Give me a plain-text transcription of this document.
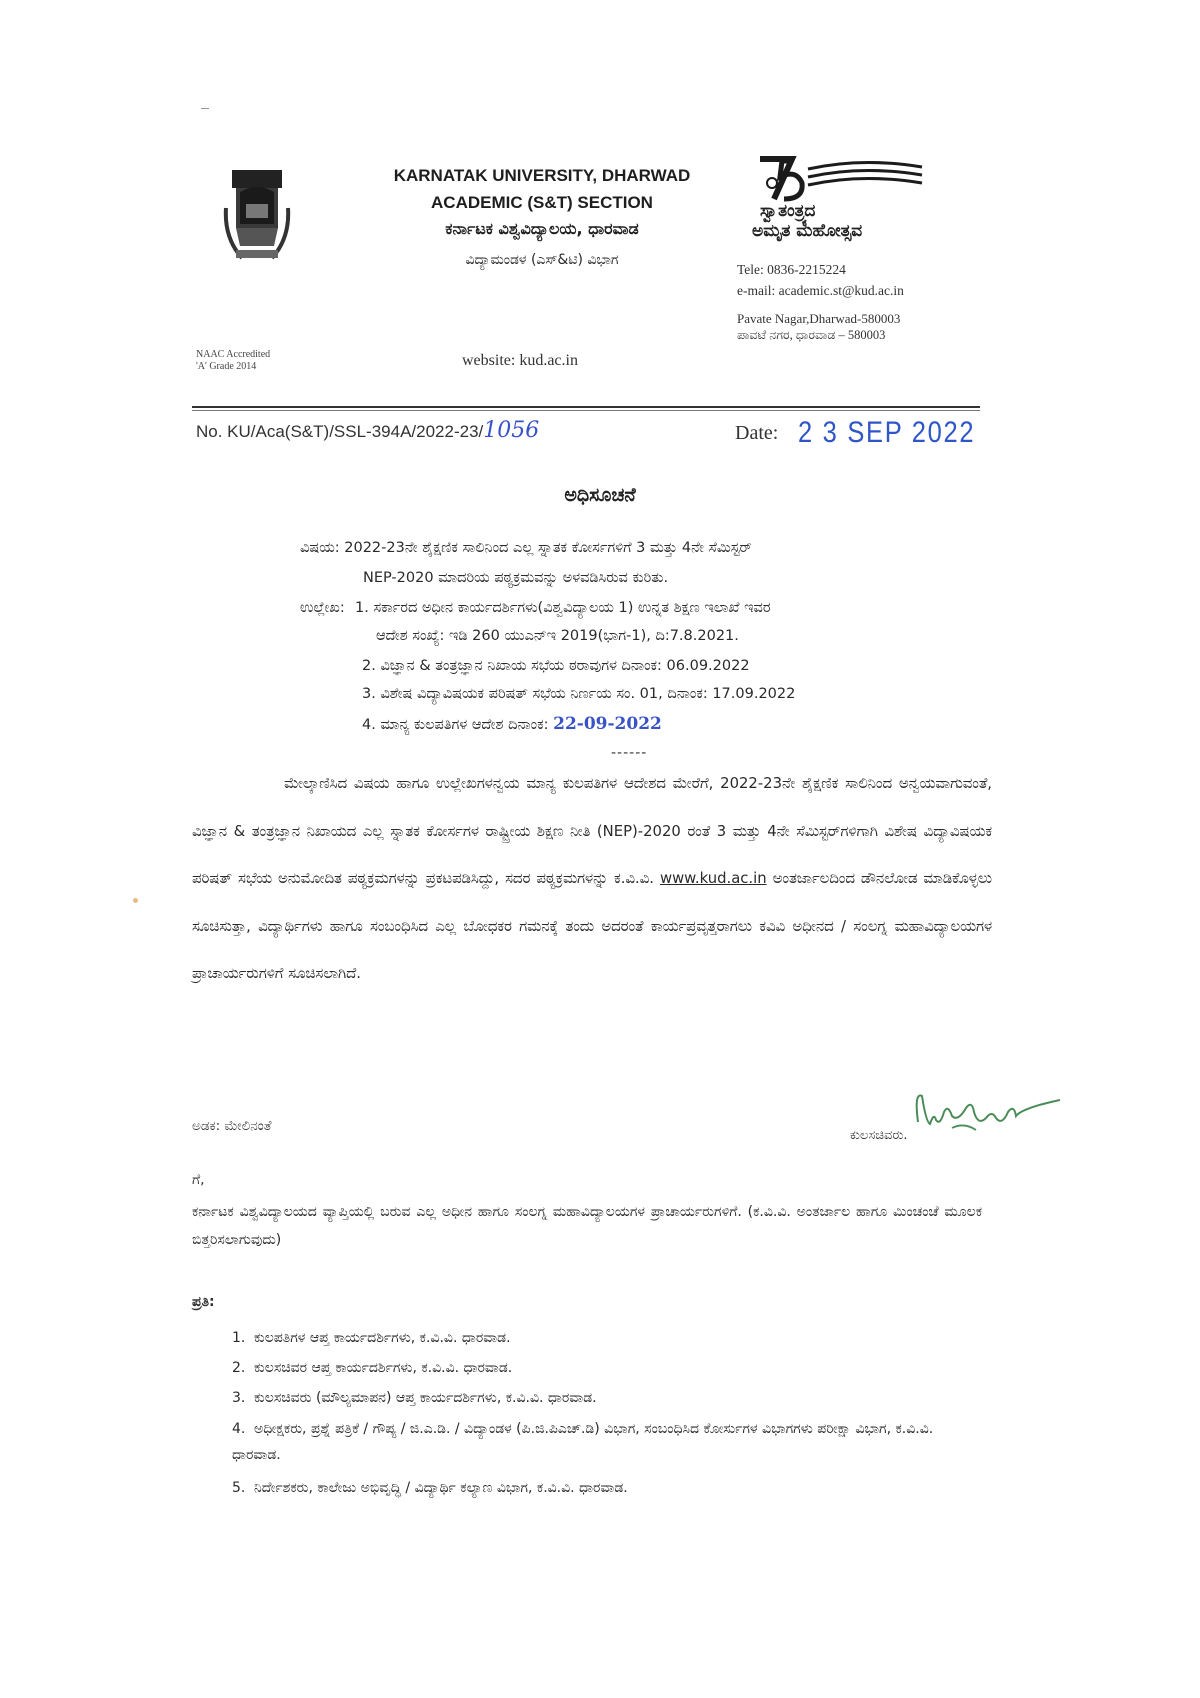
KARNATAK UNIVERSITY, DHARWAD
ACADEMIC (S&T) SECTION
ಕರ್ನಾಟಕ ವಿಶ್ವವಿದ್ಯಾಲಯ, ಧಾರವಾಡ
ವಿದ್ಯಾಮಂಡಳ (ಎಸ್&ಟಿ) ವಿಭಾಗ
ಸ್ವಾತಂತ್ರ್ಯದ
ಅಮೃತ ಮಹೋತ್ಸವ
Tele: 0836-2215224
e-mail: academic.st@kud.ac.in
Pavate Nagar,Dharwad-580003
ಪಾವಟೆ ನಗರ, ಧಾರವಾಡ – 580003
NAAC Accredited
'A' Grade 2014	website: kud.ac.in
No. KU/Aca(S&T)/SSL-394A/2022-23/1056	Date: 2 3 SEP 2022
ಅಧಿಸೂಚನೆ
ವಿಷಯ: 2022-23ನೇ ಶೈಕ್ಷಣಿಕ ಸಾಲಿನಿಂದ ಎಲ್ಲ ಸ್ನಾತಕ ಕೋರ್ಸಗಳಿಗೆ 3 ಮತ್ತು 4ನೇ ಸೆಮಿಸ್ಟರ್
NEP-2020 ಮಾದರಿಯ ಪಠ್ಯಕ್ರಮವನ್ನು ಅಳವಡಿಸಿರುವ ಕುರಿತು.
ಉಲ್ಲೇಖ: 1. ಸರ್ಕಾರದ ಅಧೀನ ಕಾರ್ಯದರ್ಶಿಗಳು(ವಿಶ್ವವಿದ್ಯಾಲಯ 1) ಉನ್ನತ ಶಿಕ್ಷಣ ಇಲಾಖೆ ಇವರ
ಆದೇಶ ಸಂಖ್ಯೆ: ಇಡಿ 260 ಯುಎನ್‌ಇ 2019(ಭಾಗ-1), ದಿ:7.8.2021.
2. ವಿಜ್ಞಾನ & ತಂತ್ರಜ್ಞಾನ ನಿಖಾಯ ಸಭೆಯ ಠರಾವುಗಳ ದಿನಾಂಕ: 06.09.2022
3. ವಿಶೇಷ ವಿದ್ಯಾವಿಷಯಕ ಪರಿಷತ್ ಸಭೆಯ ನಿರ್ಣಯ ಸಂ. 01, ದಿನಾಂಕ: 17.09.2022
4. ಮಾನ್ಯ ಕುಲಪತಿಗಳ ಆದೇಶ ದಿನಾಂಕ: 22-09-2022
------
ಮೇಲ್ಕಾಣಿಸಿದ ವಿಷಯ ಹಾಗೂ ಉಲ್ಲೇಖಗಳನ್ವಯ ಮಾನ್ಯ ಕುಲಪತಿಗಳ ಆದೇಶದ ಮೇರೆಗೆ, 2022-23ನೇ ಶೈಕ್ಷಣಿಕ ಸಾಲಿನಿಂದ ಅನ್ವಯವಾಗುವಂತೆ, ವಿಜ್ಞಾನ & ತಂತ್ರಜ್ಞಾನ ನಿಖಾಯದ ಎಲ್ಲ ಸ್ನಾತಕ ಕೋರ್ಸಗಳ ರಾಷ್ಟ್ರೀಯ ಶಿಕ್ಷಣ ನೀತಿ (NEP)-2020 ರಂತೆ 3 ಮತ್ತು 4ನೇ ಸೆಮಿಸ್ಟರ್‌ಗಳಿಗಾಗಿ ವಿಶೇಷ ವಿದ್ಯಾವಿಷಯಕ ಪರಿಷತ್ ಸಭೆಯ ಅನುಮೋದಿತ ಪಠ್ಯಕ್ರಮಗಳನ್ನು ಪ್ರಕಟಪಡಿಸಿದ್ದು, ಸದರ ಪಠ್ಯಕ್ರಮಗಳನ್ನು ಕ.ವಿ.ವಿ. www.kud.ac.in ಅಂತರ್ಜಾಲದಿಂದ ಡೌನಲೋಡ ಮಾಡಿಕೊಳ್ಳಲು ಸೂಚಿಸುತ್ತಾ, ವಿದ್ಯಾರ್ಥಿಗಳು ಹಾಗೂ ಸಂಬಂಧಿಸಿದ ಎಲ್ಲ ಬೋಧಕರ ಗಮನಕ್ಕೆ ತಂದು ಅದರಂತೆ ಕಾರ್ಯಪ್ರವೃತ್ತರಾಗಲು ಕವಿವಿ ಅಧೀನದ / ಸಂಲಗ್ನ ಮಹಾವಿದ್ಯಾಲಯಗಳ ಪ್ರಾಚಾರ್ಯರುಗಳಿಗೆ ಸೂಚಿಸಲಾಗಿದೆ.
ಕುಲಸಚಿವರು.
ಅಡಕ: ಮೇಲಿನಂತೆ
ಗೆ,
ಕರ್ನಾಟಕ ವಿಶ್ವವಿದ್ಯಾಲಯದ ವ್ಯಾಪ್ತಿಯಲ್ಲಿ ಬರುವ ಎಲ್ಲ ಅಧೀನ ಹಾಗೂ ಸಂಲಗ್ನ ಮಹಾವಿದ್ಯಾಲಯಗಳ ಪ್ರಾಚಾರ್ಯರುಗಳಿಗೆ. (ಕ.ವಿ.ವಿ. ಅಂತರ್ಜಾಲ ಹಾಗೂ ಮಿಂಚಂಚೆ ಮೂಲಕ ಬಿತ್ತರಿಸಲಾಗುವುದು)
ಪ್ರತಿ:
1. ಕುಲಪತಿಗಳ ಆಪ್ತ ಕಾರ್ಯದರ್ಶಿಗಳು, ಕ.ವಿ.ವಿ. ಧಾರವಾಡ.
2. ಕುಲಸಚಿವರ ಆಪ್ತ ಕಾರ್ಯದರ್ಶಿಗಳು, ಕ.ವಿ.ವಿ. ಧಾರವಾಡ.
3. ಕುಲಸಚಿವರು (ಮೌಲ್ಯಮಾಪನ) ಆಪ್ತ ಕಾರ್ಯದರ್ಶಿಗಳು, ಕ.ವಿ.ವಿ. ಧಾರವಾಡ.
4. ಅಧೀಕ್ಷಕರು, ಪ್ರಶ್ನೆ ಪತ್ರಿಕೆ / ಗೌಪ್ಯ / ಜಿ.ಎ.ಡಿ. / ವಿದ್ಯಾಂಡಳ (ಪಿ.ಜಿ.ಪಿಎಚ್.ಡಿ) ವಿಭಾಗ, ಸಂಬಂಧಿಸಿದ ಕೋರ್ಸುಗಳ ವಿಭಾಗಗಳು ಪರೀಕ್ಷಾ ವಿಭಾಗ, ಕ.ವಿ.ವಿ. ಧಾರವಾಡ.
5. ನಿರ್ದೇಶಕರು, ಕಾಲೇಜು ಅಭಿವೃದ್ಧಿ / ವಿದ್ಯಾರ್ಥಿ ಕಲ್ಯಾಣ ವಿಭಾಗ, ಕ.ವಿ.ವಿ. ಧಾರವಾಡ.
